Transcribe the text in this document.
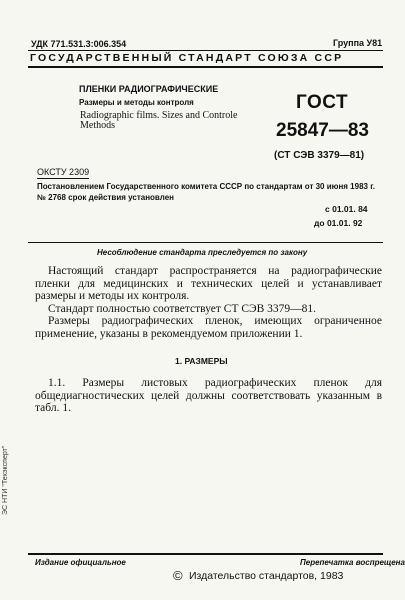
УДК 771.531.3:006.354	Группа У81
ГОСУДАРСТВЕННЫЙ СТАНДАРТ СОЮЗА ССР
ПЛЕНКИ РАДИОГРАФИЧЕСКИЕ
Размеры и методы контроля
Radiographic films. Sizes and Controle Methods
ГОСТ
25847—83
(СТ СЭВ 3379—81)
ОКСТУ 2309
Постановлением Государственного комитета СССР по стандартам от 30 июня 1983 г. № 2768 срок действия установлен
с 01.01. 84
до 01.01. 92
Несоблюдение стандарта преследуется по закону
Настоящий стандарт распространяется на радиографические пленки для медицинских и технических целей и устанавливает размеры и методы их контроля.
Стандарт полностью соответствует СТ СЭВ 3379—81.
Размеры радиографических пленок, имеющих ограниченное применение, указаны в рекомендуемом приложении 1.
1. РАЗМЕРЫ
1.1. Размеры листовых радиографических пленок для общедиагностических целей должны соответствовать указанным в табл. 1.
ЭС НТИ "Техэксперт"
Издание официальное	Перепечатка воспрещена
© Издательство стандартов, 1983
